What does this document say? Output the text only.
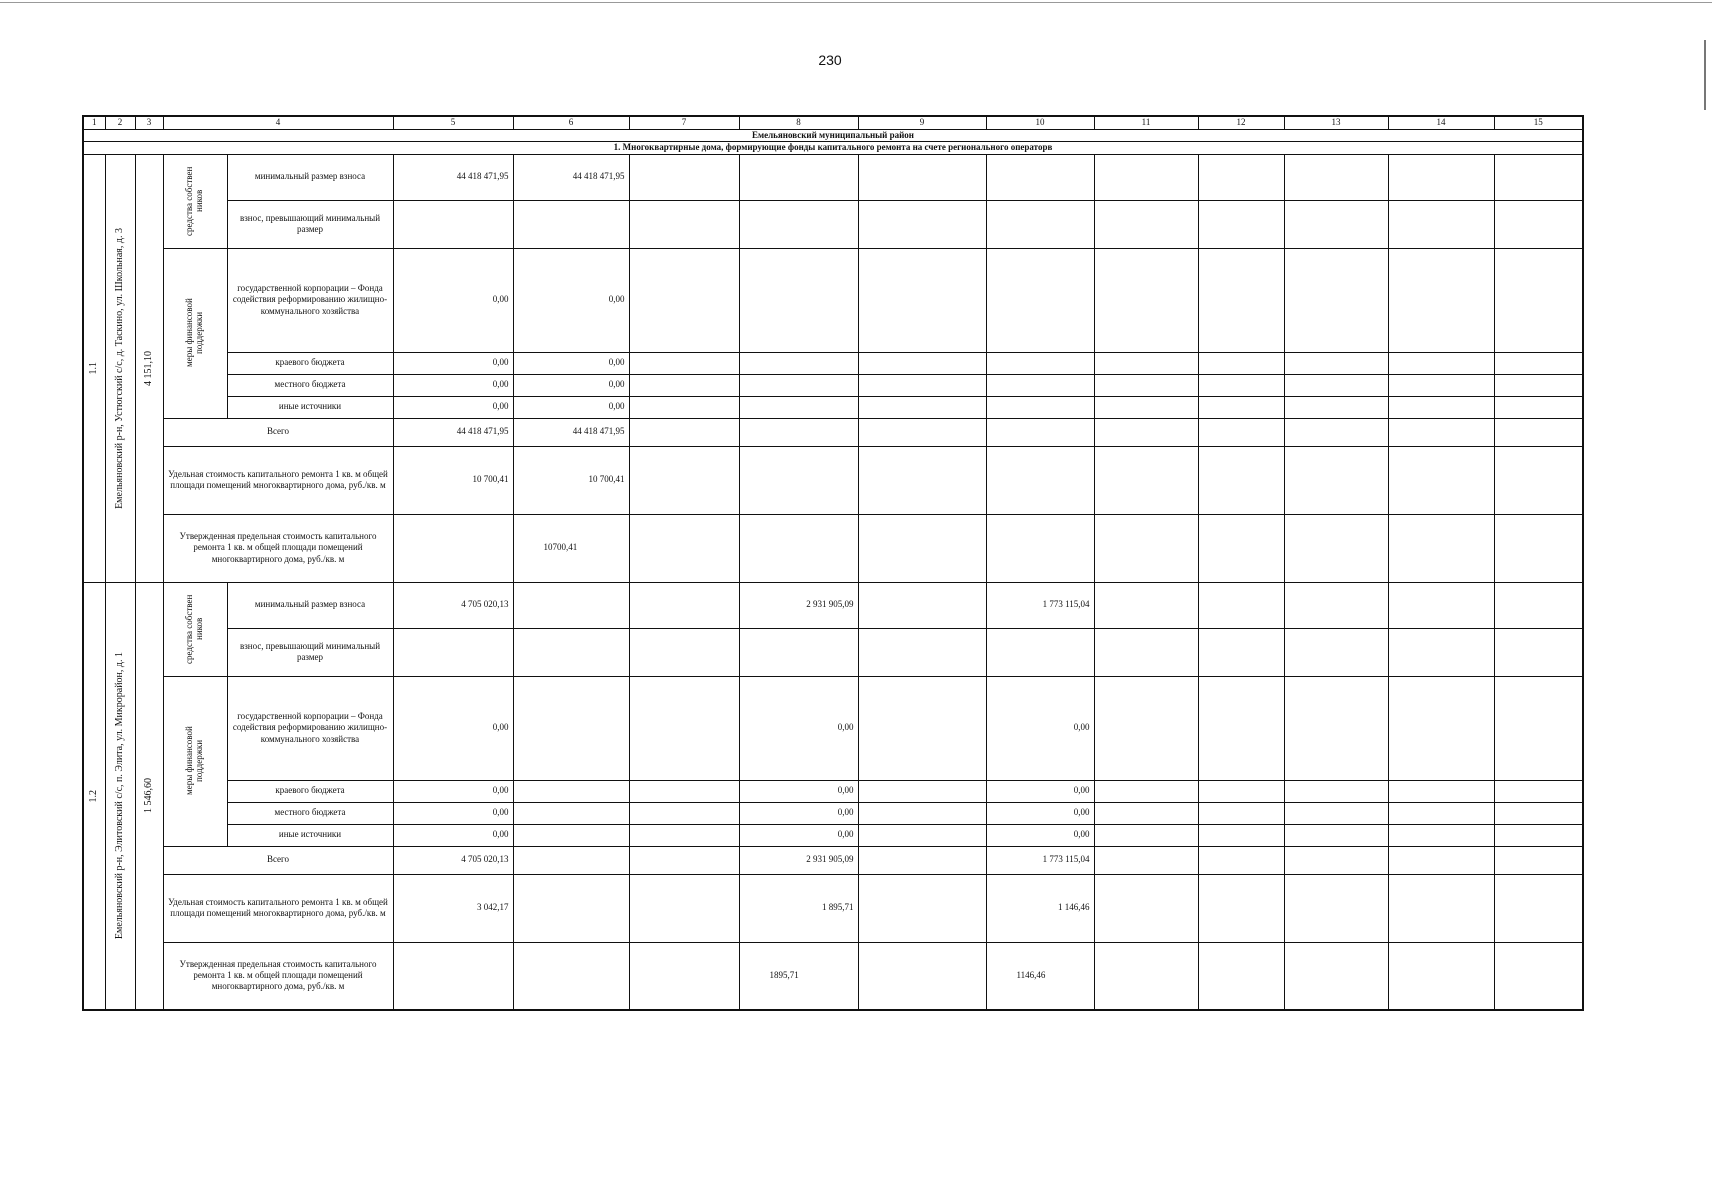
230
1	2	3	4		5	6	7	8	9	10	11	12	13	14	15
Емельяновский муниципальный район															
1. Многоквартирные дома, формирующие фонды капитального ремонта на счете регионального операторв															

1.1	Емельяновский р-н, Устюгский с/с, д. Таскино, ул. Школьная, д. 3	4 151,10	средства собствен ников	минимальный размер взноса	44 418 471,95	44 418 471,95									
				взнос, превышающий минимальный размер											

			меры финансовой поддержки	государственной корпорации – Фонда содействия реформированию жилищно-коммунального хозяйства	0,00	0,00									
				краевого бюджета	0,00	0,00									
				местного бюджета	0,00	0,00									
				иные источники	0,00	0,00									
			Всего		44 418 471,95	44 418 471,95									
			Удельная стоимость капитального ремонта 1 кв. м общей площади помещений многоквартирного дома, руб./кв. м		10 700,41	10 700,41									
			Утвержденная предельная стоимость капитального ремонта 1 кв. м общей площади помещений многоквартирного дома, руб./кв. м			10700,41									

1.2	Емельяновский р-н, Элитовский с/с, п. Элита, ул. Микрорайон, д. 1	1 546,60	средства собствен ников	минимальный размер взноса	4 705 020,13			2 931 905,09		1 773 115,04					
				взнос, превышающий минимальный размер											

			меры финансовой поддержки	государственной корпорации – Фонда содействия реформированию жилищно-коммунального хозяйства	0,00			0,00		0,00					
				краевого бюджета	0,00			0,00		0,00					
				местного бюджета	0,00			0,00		0,00					
				иные источники	0,00			0,00		0,00					
			Всего		4 705 020,13			2 931 905,09		1 773 115,04					
			Удельная стоимость капитального ремонта 1 кв. м общей площади помещений многоквартирного дома, руб./кв. м		3 042,17			1 895,71		1 146,46					
			Утвержденная предельная стоимость капитального ремонта 1 кв. м общей площади помещений многоквартирного дома, руб./кв. м					1895,71		1146,46					
